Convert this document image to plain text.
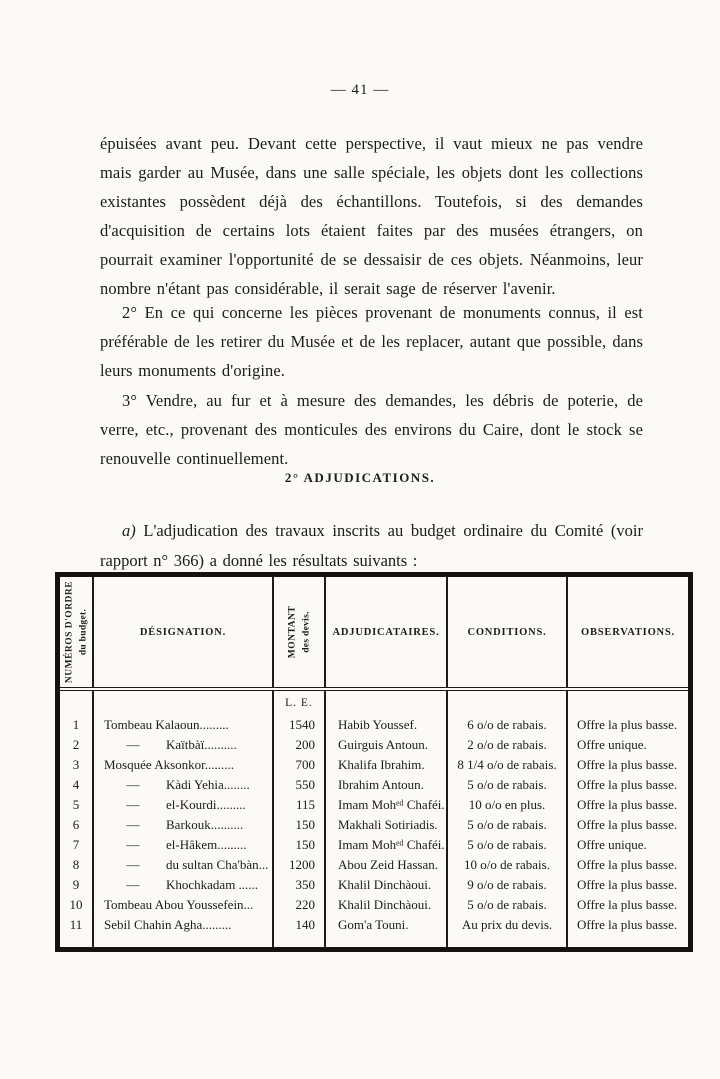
— 41 —

épuisées avant peu. Devant cette perspective, il vaut mieux ne pas vendre mais garder au Musée, dans une salle spéciale, les objets dont les collections existantes possèdent déjà des échantillons. Toutefois, si des demandes d'acquisition de certains lots étaient faites par des musées étrangers, on pourrait examiner l'opportunité de se dessaisir de ces objets. Néanmoins, leur nombre n'étant pas considérable, il serait sage de réserver l'avenir.

2° En ce qui concerne les pièces provenant de monuments connus, il est préférable de les retirer du Musée et de les replacer, autant que possible, dans leurs monuments d'origine.

3° Vendre, au fur et à mesure des demandes, les débris de poterie, de verre, etc., provenant des monticules des environs du Caire, dont le stock se renouvelle continuellement.

2° ADJUDICATIONS.

a) L'adjudication des travaux inscrits au budget ordinaire du Comité (voir rapport n° 366) a donné les résultats suivants :

NUMÉROS D'ORDRE du budget.	DÉSIGNATION.	MONTANT des devis.	ADJUDICATAIRES.	CONDITIONS.	OBSERVATIONS.
		L. E.			
1	Tombeau Kalaoun.........	1540	Habib Youssef.	6 o/o de rabais.	Offre la plus basse.
2	— Kaïtbàï..........	200	Guirguis Antoun.	2 o/o de rabais.	Offre unique.
3	Mosquée Aksonkor.........	700	Khalifa Ibrahim.	8 1/4 o/o de rabais.	Offre la plus basse.
4	— Kàdi Yehia........	550	Ibrahim Antoun.	5 o/o de rabais.	Offre la plus basse.
5	— el-Kourdi.........	115	Imam Mohᵉᵈ Chaféi.	10 o/o en plus.	Offre la plus basse.
6	— Barkouk..........	150	Makhali Sotiriadis.	5 o/o de rabais.	Offre la plus basse.
7	— el-Hâkem.........	150	Imam Mohᵉᵈ Chaféi.	5 o/o de rabais.	Offre unique.
8	— du sultan Cha'bàn...	1200	Abou Zeid Hassan.	10 o/o de rabais.	Offre la plus basse.
9	— Khochkadam ......	350	Khalil Dinchàoui.	9 o/o de rabais.	Offre la plus basse.
10	Tombeau Abou Youssefein...	220	Khalil Dinchàoui.	5 o/o de rabais.	Offre la plus basse.
11	Sebil Chahin Agha.........	140	Gom'a Touni.	Au prix du devis.	Offre la plus basse.
